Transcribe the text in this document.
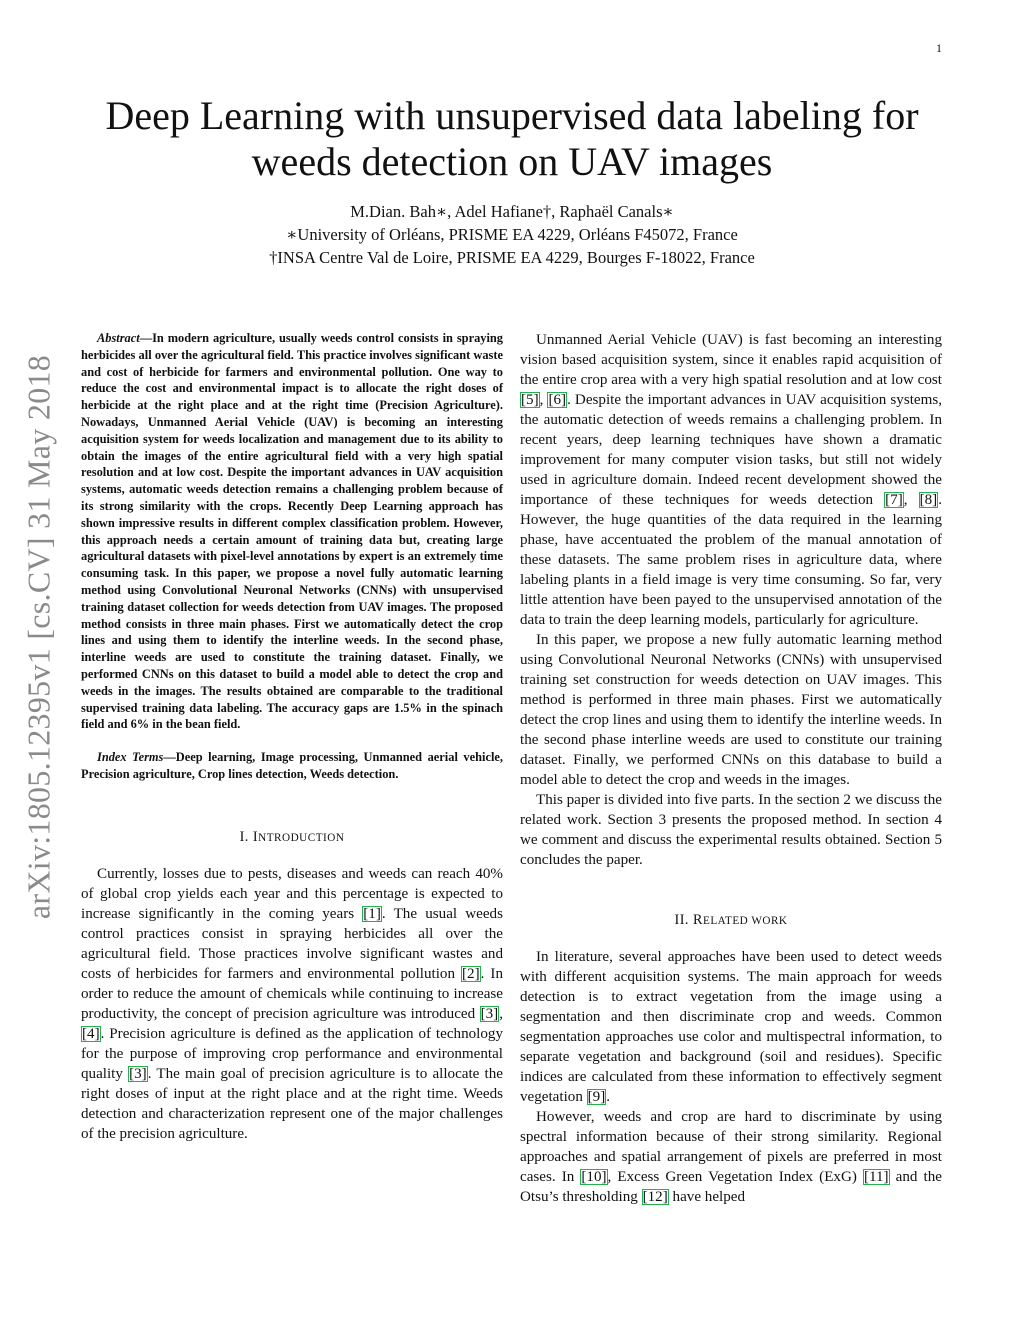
1
Deep Learning with unsupervised data labeling for
weeds detection on UAV images
M.Dian. Bah∗, Adel Hafiane†, Raphaël Canals∗
∗University of Orléans, PRISME EA 4229, Orléans F45072, France
†INSA Centre Val de Loire, PRISME EA 4229, Bourges F-18022, France
arXiv:1805.12395v1 [cs.CV] 31 May 2018

Abstract—In modern agriculture, usually weeds control consists in spraying herbicides all over the agricultural field. This practice involves significant waste and cost of herbicide for farmers and environmental pollution. One way to reduce the cost and environmental impact is to allocate the right doses of herbicide at the right place and at the right time (Precision Agriculture). Nowadays, Unmanned Aerial Vehicle (UAV) is becoming an interesting acquisition system for weeds localization and management due to its ability to obtain the images of the entire agricultural field with a very high spatial resolution and at low cost. Despite the important advances in UAV acquisition systems, automatic weeds detection remains a challenging problem because of its strong similarity with the crops. Recently Deep Learning approach has shown impressive results in different complex classification problem. However, this approach needs a certain amount of training data but, creating large agricultural datasets with pixel-level annotations by expert is an extremely time consuming task. In this paper, we propose a novel fully automatic learning method using Convolutional Neuronal Networks (CNNs) with unsupervised training dataset collection for weeds detection from UAV images. The proposed method consists in three main phases. First we automatically detect the crop lines and using them to identify the interline weeds. In the second phase, interline weeds are used to constitute the training dataset. Finally, we performed CNNs on this dataset to build a model able to detect the crop and weeds in the images. The results obtained are comparable to the traditional supervised training data labeling. The accuracy gaps are 1.5% in the spinach field and 6% in the bean field.

Index Terms—Deep learning, Image processing, Unmanned aerial vehicle, Precision agriculture, Crop lines detection, Weeds detection.

I. INTRODUCTION

Currently, losses due to pests, diseases and weeds can reach 40% of global crop yields each year and this percentage is expected to increase significantly in the coming years [1]. The usual weeds control practices consist in spraying herbicides all over the agricultural field. Those practices involve significant wastes and costs of herbicides for farmers and environmental pollution [2]. In order to reduce the amount of chemicals while continuing to increase productivity, the concept of precision agriculture was introduced [3], [4]. Precision agriculture is defined as the application of technology for the purpose of improving crop performance and environmental quality [3]. The main goal of precision agriculture is to allocate the right doses of input at the right place and at the right time. Weeds detection and characterization represent one of the major challenges of the precision agriculture.

Unmanned Aerial Vehicle (UAV) is fast becoming an interesting vision based acquisition system, since it enables rapid acquisition of the entire crop area with a very high spatial resolution and at low cost [5], [6]. Despite the important advances in UAV acquisition systems, the automatic detection of weeds remains a challenging problem. In recent years, deep learning techniques have shown a dramatic improvement for many computer vision tasks, but still not widely used in agriculture domain. Indeed recent development showed the importance of these techniques for weeds detection [7], [8]. However, the huge quantities of the data required in the learning phase, have accentuated the problem of the manual annotation of these datasets. The same problem rises in agriculture data, where labeling plants in a field image is very time consuming. So far, very little attention have been payed to the unsupervised annotation of the data to train the deep learning models, particularly for agriculture.

In this paper, we propose a new fully automatic learning method using Convolutional Neuronal Networks (CNNs) with unsupervised training set construction for weeds detection on UAV images. This method is performed in three main phases. First we automatically detect the crop lines and using them to identify the interline weeds. In the second phase interline weeds are used to constitute our training dataset. Finally, we performed CNNs on this database to build a model able to detect the crop and weeds in the images.

This paper is divided into five parts. In the section 2 we discuss the related work. Section 3 presents the proposed method. In section 4 we comment and discuss the experimental results obtained. Section 5 concludes the paper.

II. RELATED WORK

In literature, several approaches have been used to detect weeds with different acquisition systems. The main approach for weeds detection is to extract vegetation from the image using a segmentation and then discriminate crop and weeds. Common segmentation approaches use color and multispectral information, to separate vegetation and background (soil and residues). Specific indices are calculated from these information to effectively segment vegetation [9].

However, weeds and crop are hard to discriminate by using spectral information because of their strong similarity. Regional approaches and spatial arrangement of pixels are preferred in most cases. In [10], Excess Green Vegetation Index (ExG) [11] and the Otsu’s thresholding [12] have helped
